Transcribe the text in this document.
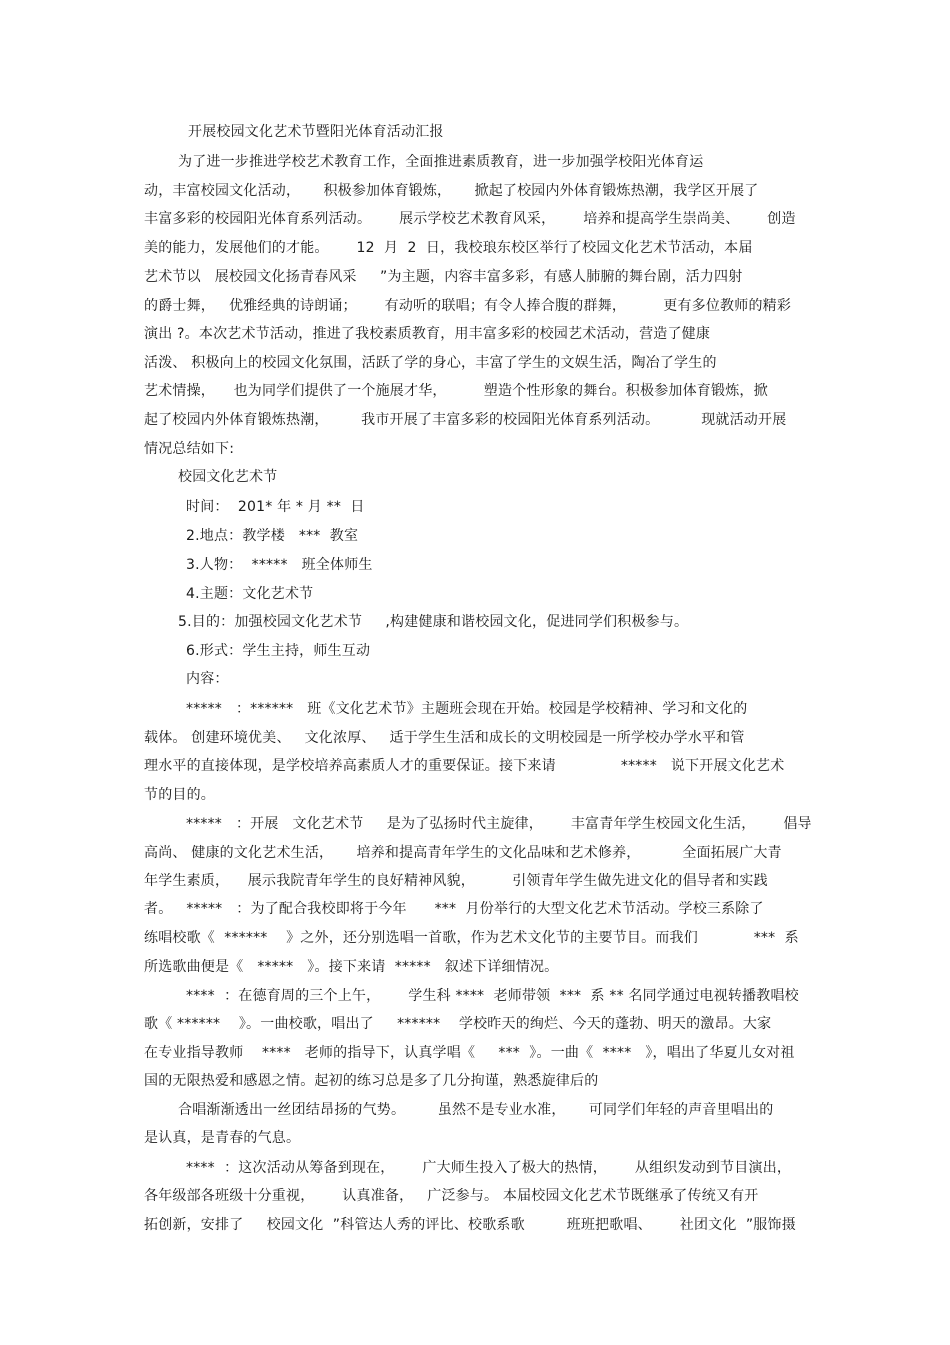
开展校园文化艺术节暨阳光体育活动汇报
为了进一步推进学校艺术教育工作，全面推进素质教育，进一步加强学校阳光体育运
动，丰富校园文化活动，     积极参加体育锻炼，     掀起了校园内外体育锻炼热潮，我学区开展了
丰富多彩的校园阳光体育系列活动。      展示学校艺术教育风采，      培养和提高学生崇尚美、      创造
美的能力，发展他们的才能。      12  月  2  日，我校琅东校区举行了校园文化艺术节活动，本届
艺术节以   展校园文化扬青春风采     ”为主题，内容丰富多彩，有感人肺腑的舞台剧，活力四射
的爵士舞，   优雅经典的诗朗诵；      有动听的联唱；有令人捧合腹的群舞，        更有多位教师的精彩
演出 ?。本次艺术节活动，推进了我校素质教育，用丰富多彩的校园艺术活动，营造了健康
活泼、 积极向上的校园文化氛围，活跃了学的身心，丰富了学生的文娱生活，陶冶了学生的
艺术情操，    也为同学们提供了一个施展才华，        塑造个性形象的舞台。积极参加体育锻炼，掀
起了校园内外体育锻炼热潮，       我市开展了丰富多彩的校园阳光体育系列活动。         现就活动开展
情况总结如下:
校园文化艺术节
时间：  201* 年 * 月 **  日
2.地点：教学楼   ***  教室
3.人物：  *****   班全体师生
4.主题：文化艺术节
5.目的：加强校园文化艺术节     ,构建健康和谐校园文化，促进同学们积极参与。
6.形式：学生主持，师生互动
内容：
*****   ：******   班《文化艺术节》主题班会现在开始。校园是学校精神、学习和文化的
载体。 创建环境优美、   文化浓厚、   适于学生生活和成长的文明校园是一所学校办学水平和管
理水平的直接体现，是学校培养高素质人才的重要保证。接下来请              *****   说下开展文化艺术
节的目的。
*****   ：开展   文化艺术节     是为了弘扬时代主旋律，      丰富青年学生校园文化生活，      倡导
高尚、 健康的文化艺术生活，     培养和提高青年学生的文化品味和艺术修养，         全面拓展广大青
年学生素质，    展示我院青年学生的良好精神风貌，        引领青年学生做先进文化的倡导者和实践
者。   *****   ：为了配合我校即将于今年      ***  月份举行的大型文化艺术节活动。学校三系除了
练唱校歌《  ******    》之外，还分别选唱一首歌，作为艺术文化节的主要节目。而我们            ***  系
所选歌曲便是《   *****   》。接下来请  *****   叙述下详细情况。
****  ：在德育周的三个上午，      学生科 ****  老师带领  ***  系 ** 名同学通过电视转播教唱校
歌《 ******    》。一曲校歌，唱出了     ******    学校昨天的绚烂、今天的蓬勃、明天的激昂。大家
在专业指导教师    ****   老师的指导下，认真学唱《     ***  》。一曲《  ****   》，唱出了华夏儿女对祖
国的无限热爱和感恩之情。起初的练习总是多了几分拘谨，熟悉旋律后的
合唱渐渐透出一丝团结昂扬的气势。       虽然不是专业水准，     可同学们年轻的声音里唱出的
是认真，是青春的气息。
****  ：这次活动从筹备到现在，      广大师生投入了极大的热情，      从组织发动到节目演出，
各年级部各班级十分重视，      认真准备，   广泛参与。 本届校园文化艺术节既继承了传统又有开
拓创新，安排了     校园文化  ”科管达人秀的评比、校歌系歌         班班把歌唱、      社团文化  ”服饰摄
